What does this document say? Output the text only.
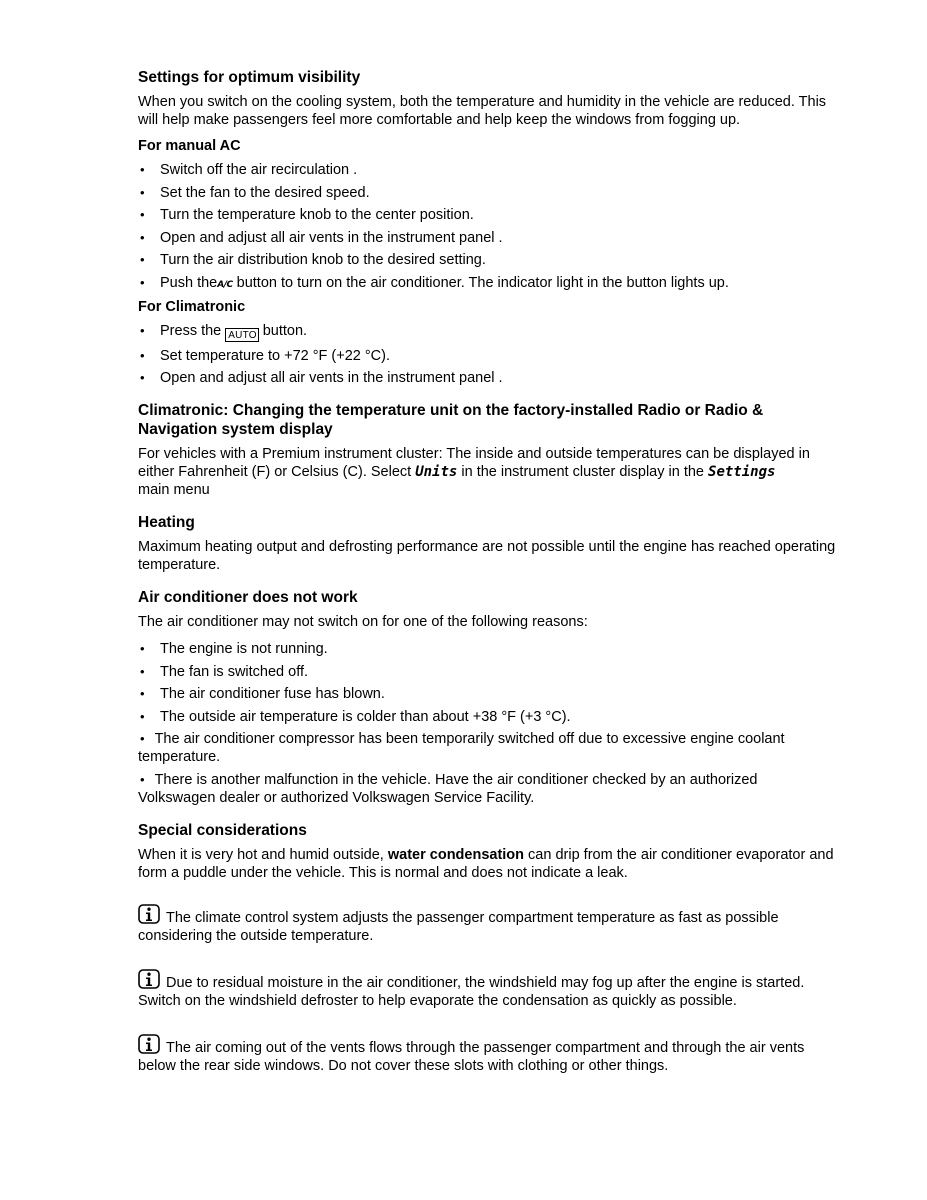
Settings for optimum visibility

When you switch on the cooling system, both the temperature and humidity in the vehicle are reduced. This will help make passengers feel more comfortable and help keep the windows from fogging up.

For manual AC
• Switch off the air recirculation .
• Set the fan to the desired speed.
• Turn the temperature knob to the center position.
• Open and adjust all air vents in the instrument panel .
• Turn the air distribution knob to the desired setting.
• Push theA/C button to turn on the air conditioner. The indicator light in the button lights up.
For Climatronic
• Press the AUTO button.
• Set temperature to +72 °F (+22 °C).
• Open and adjust all air vents in the instrument panel .
Climatronic: Changing the temperature unit on the factory-installed Radio or Radio & Navigation system display

For vehicles with a Premium instrument cluster: The inside and outside temperatures can be displayed in either Fahrenheit (F) or Celsius (C). Select Units in the instrument cluster display in the Settings
main menu

Heating

Maximum heating output and defrosting performance are not possible until the engine has reached operating temperature.

Air conditioner does not work

The air conditioner may not switch on for one of the following reasons:

• The engine is not running.
• The fan is switched off.
• The air conditioner fuse has blown.
• The outside air temperature is colder than about +38 °F (+3 °C).
• The air conditioner compressor has been temporarily switched off due to excessive engine coolant temperature.
• There is another malfunction in the vehicle. Have the air conditioner checked by an authorized Volkswagen dealer or authorized Volkswagen Service Facility.
Special considerations

When it is very hot and humid outside, water condensation can drip from the air conditioner evaporator and form a puddle under the vehicle. This is normal and does not indicate a leak.

The climate control system adjusts the passenger compartment temperature as fast as possible considering the outside temperature.
Due to residual moisture in the air conditioner, the windshield may fog up after the engine is started. Switch on the windshield defroster to help evaporate the condensation as quickly as possible.
The air coming out of the vents flows through the passenger compartment and through the air vents below the rear side windows. Do not cover these slots with clothing or other things.
